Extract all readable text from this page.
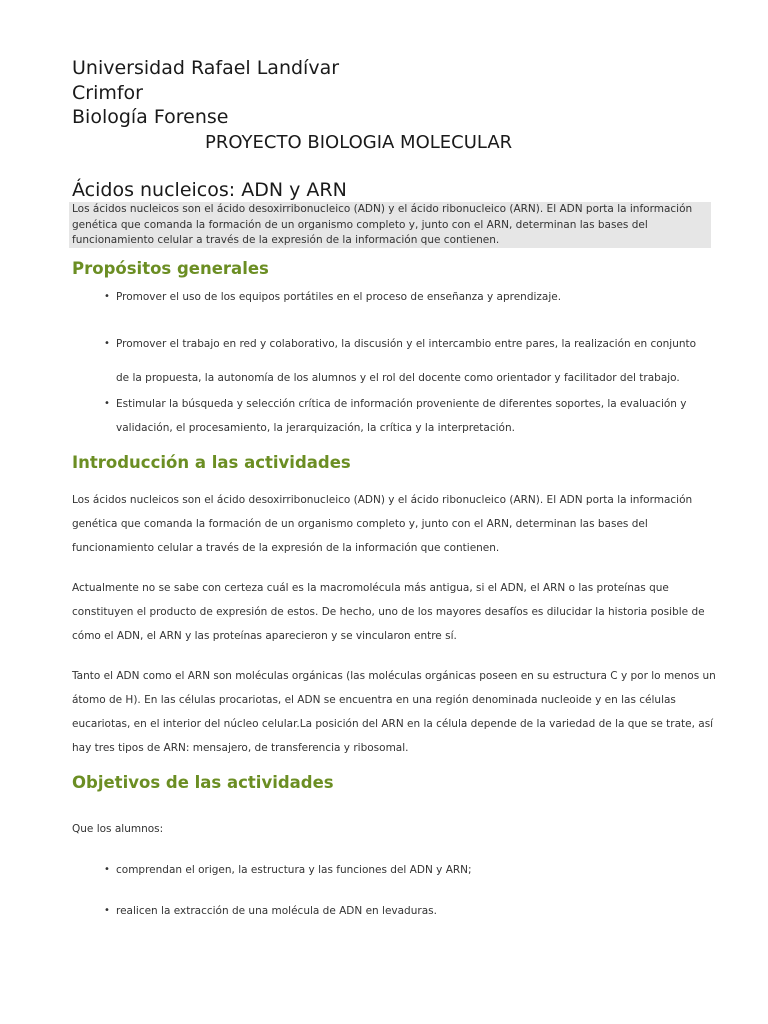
Universidad Rafael Landívar
Crimfor
Biología Forense
PROYECTO BIOLOGIA MOLECULAR
Ácidos nucleicos: ADN y ARN
Los ácidos nucleicos son el ácido desoxirribonucleico (ADN) y el ácido ribonucleico (ARN). El ADN porta la información genética que comanda la formación de un organismo completo y, junto con el ARN, determinan las bases del funcionamiento celular a través de la expresión de la información que contienen.
Propósitos generales
• Promover el uso de los equipos portátiles en el proceso de enseñanza y aprendizaje.
• Promover el trabajo en red y colaborativo, la discusión y el intercambio entre pares, la realización en conjunto de la propuesta, la autonomía de los alumnos y el rol del docente como orientador y facilitador del trabajo.
• Estimular la búsqueda y selección crítica de información proveniente de diferentes soportes, la evaluación y validación, el procesamiento, la jerarquización, la crítica y la interpretación.
Introducción a las actividades
Los ácidos nucleicos son el ácido desoxirribonucleico (ADN) y el ácido ribonucleico (ARN). El ADN porta la información genética que comanda la formación de un organismo completo y, junto con el ARN, determinan las bases del funcionamiento celular a través de la expresión de la información que contienen.
Actualmente no se sabe con certeza cuál es la macromolécula más antigua, si el ADN, el ARN o las proteínas que constituyen el producto de expresión de estos. De hecho, uno de los mayores desafíos es dilucidar la historia posible de cómo el ADN, el ARN y las proteínas aparecieron y se vincularon entre sí.
Tanto el ADN como el ARN son moléculas orgánicas (las moléculas orgánicas poseen en su estructura C y por lo menos un átomo de H). En las células procariotas, el ADN se encuentra en una región denominada nucleoide y en las células eucariotas, en el interior del núcleo celular.La posición del ARN en la célula depende de la variedad de la que se trate, así hay tres tipos de ARN: mensajero, de transferencia y ribosomal.
Objetivos de las actividades
Que los alumnos:
• comprendan el origen, la estructura y las funciones del ADN y ARN;
• realicen la extracción de una molécula de ADN en levaduras.
